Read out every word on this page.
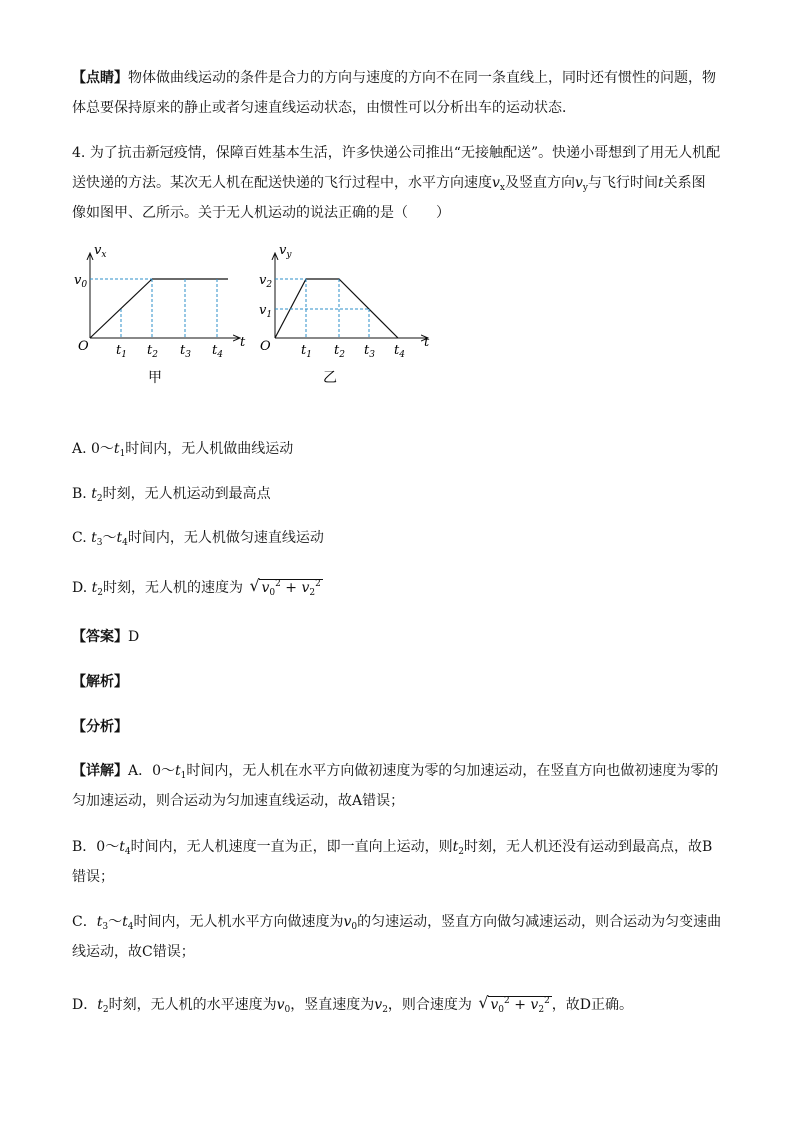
【点睛】物体做曲线运动的条件是合力的方向与速度的方向不在同一条直线上，同时还有惯性的问题，物
体总要保持原来的静止或者匀速直线运动状态，由惯性可以分析出车的运动状态．
4. 为了抗击新冠疫情，保障百姓基本生活，许多快递公司推出“无接触配送”。快递小哥想到了用无人机配
送快递的方法。某次无人机在配送快递的飞行过程中，水平方向速度$v_x$及竖直方向$v_y$与飞行时间t关系图
像如图甲、乙所示。关于无人机运动的说法正确的是（　　）
$v_x$
$v_0$
O	t
$t_1$ $t_2$ $t_3$ $t_4$
甲
$v_y$
$v_2$
$v_1$
O	t
$t_1$ $t_2$ $t_3$ $t_4$
乙
A. $0\sim t_1$时间内，无人机做曲线运动
B. $t_2$时刻，无人机运动到最高点
C. $t_3\sim t_4$时间内，无人机做匀速直线运动
D. $t_2$时刻，无人机的速度为 √ $v_0^2 + v_2^2$
【答案】D
【解析】
【分析】
【详解】A．$0\sim t_1$时间内，无人机在水平方向做初速度为零的匀加速运动，在竖直方向也做初速度为零的
匀加速运动，则合运动为匀加速直线运动，故A错误；
B．$0\sim t_4$时间内，无人机速度一直为正，即一直向上运动，则$t_2$时刻，无人机还没有运动到最高点，故B
错误；
C．$t_3\sim t_4$时间内，无人机水平方向做速度为$v_0$的匀速运动，竖直方向做匀减速运动，则合运动为匀变速曲
线运动，故C错误；
D．$t_2$时刻，无人机的水平速度为$v_0$，竖直速度为$v_2$，则合速度为 √ $v_0^2 + v_2^2$ ，故D正确。
